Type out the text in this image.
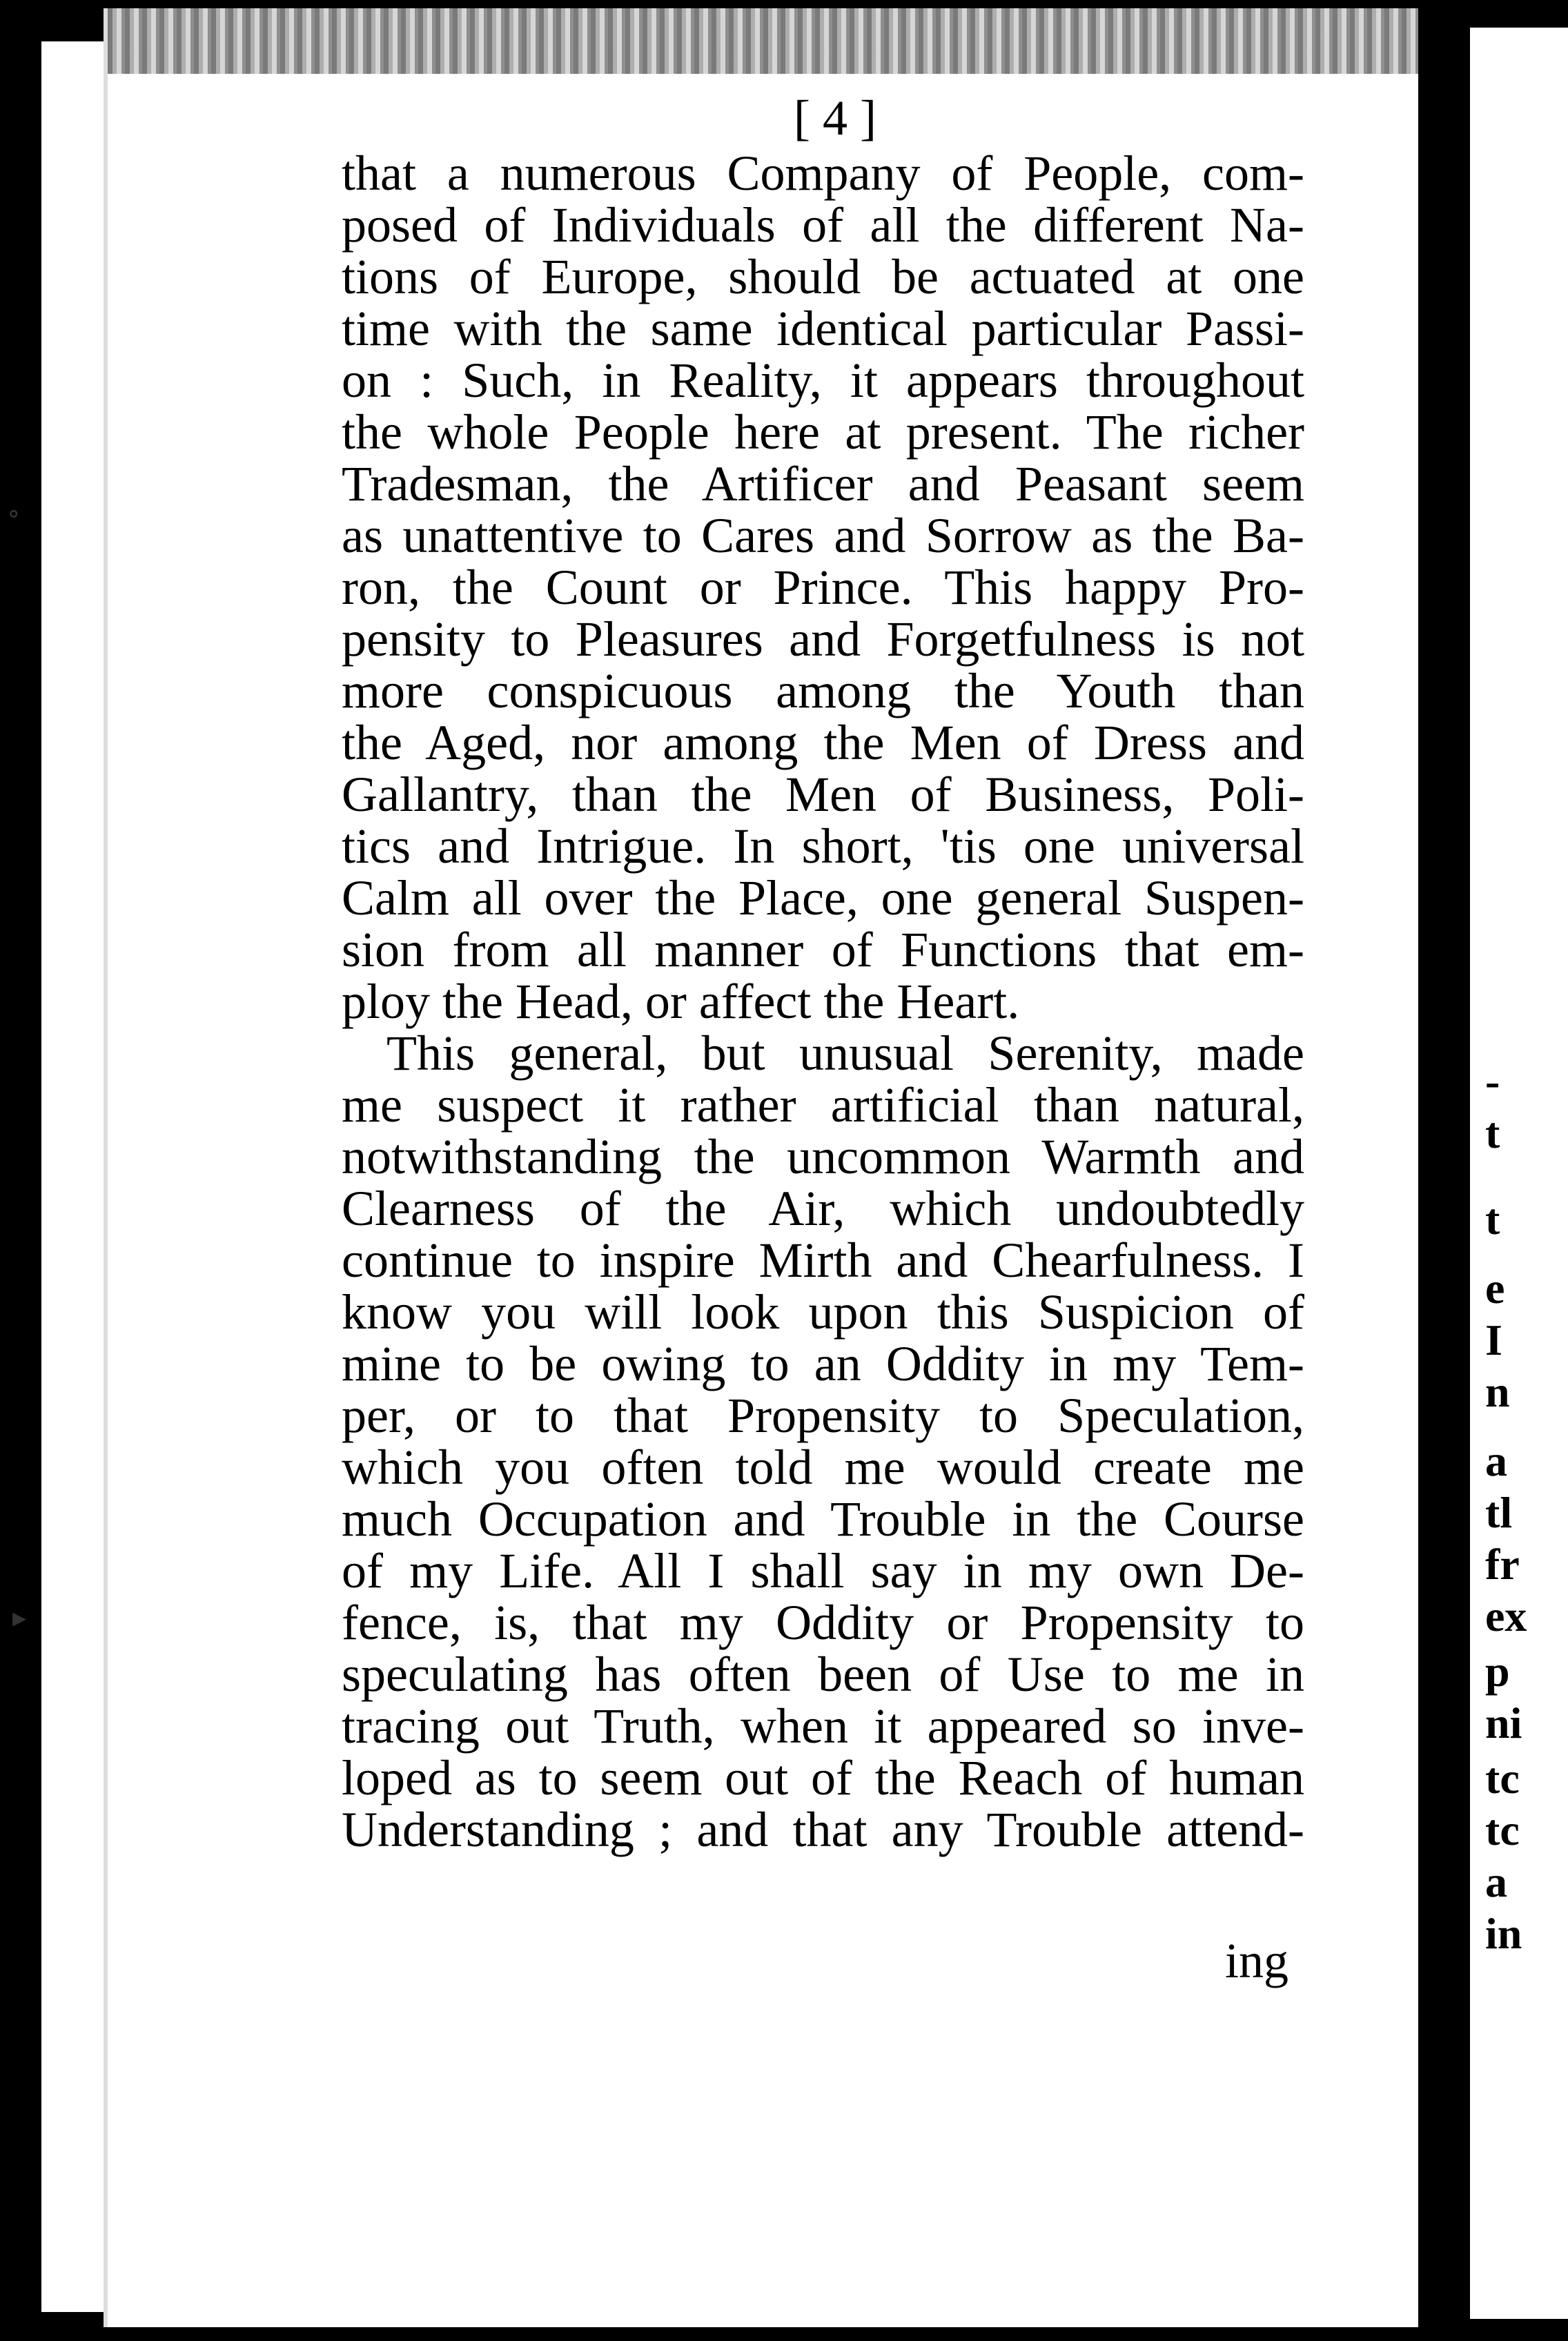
[ 4 ]

that a numerous Company of People, com-

posed of Individuals of all the different Na-

tions of Europe, should be actuated at one

time with the same identical particular Passi-

on : Such, in Reality, it appears throughout

the whole People here at present. The richer

Tradesman, the Artificer and Peasant seem

as unattentive to Cares and Sorrow as the Ba-

ron, the Count or Prince. This happy Pro-

pensity to Pleasures and Forgetfulness is not

more conspicuous among the Youth than

the Aged, nor among the Men of Dress and

Gallantry, than the Men of Business, Poli-

tics and Intrigue. In short, 'tis one universal

Calm all over the Place, one general Suspen-

sion from all manner of Functions that em-

ploy the Head, or affect the Heart.

This general, but unusual Serenity, made

me suspect it rather artificial than natural,

notwithstanding the uncommon Warmth and

Clearness of the Air, which undoubtedly

continue to inspire Mirth and Chearfulness. I

know you will look upon this Suspicion of

mine to be owing to an Oddity in my Tem-

per, or to that Propensity to Speculation,

which you often told me would create me

much Occupation and Trouble in the Course

of my Life. All I shall say in my own De-

fence, is, that my Oddity or Propensity to

speculating has often been of Use to me in

tracing out Truth, when it appeared so inve-

loped as to seem out of the Reach of human

Understanding ; and that any Trouble attend-

ing
∘
▸
-
t
t
e
I
n
a
tl
fr
ex
p
ni
tc
tc
a
in
